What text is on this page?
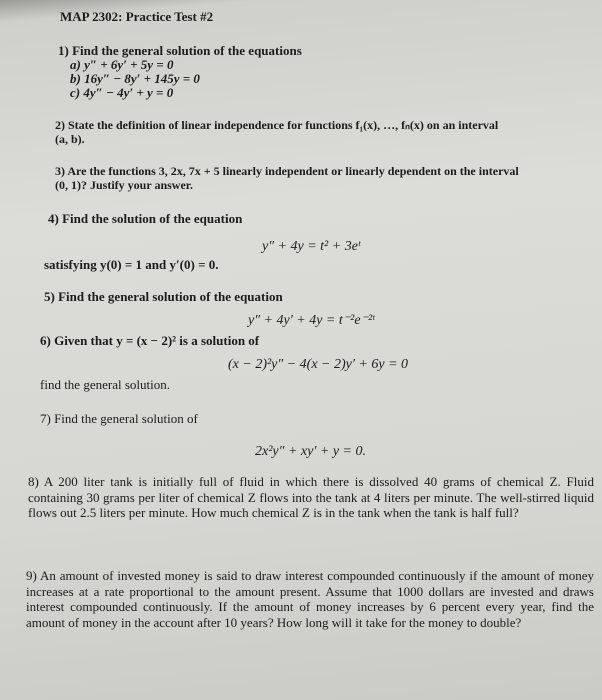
MAP 2302: Practice Test #2
1) Find the general solution of the equations
a) y″ + 6y′ + 5y = 0
b) 16y″ − 8y′ + 145y = 0
c) 4y″ − 4y′ + y = 0
2) State the definition of linear independence for functions f₁(x), …, fₙ(x) on an interval
(a, b).
3) Are the functions 3, 2x, 7x + 5 linearly independent or linearly dependent on the interval
(0, 1)? Justify your answer.
4) Find the solution of the equation
y″ + 4y = t² + 3eᵗ
satisfying y(0) = 1 and y′(0) = 0.
5) Find the general solution of the equation
y″ + 4y′ + 4y = t⁻²e⁻²ᵗ
6) Given that y = (x − 2)² is a solution of
(x − 2)²y″ − 4(x − 2)y′ + 6y = 0
find the general solution.
7) Find the general solution of
2x²y″ + xy′ + y = 0.
8) A 200 liter tank is initially full of fluid in which there is dissolved 40 grams of chemical Z. Fluid containing 30 grams per liter of chemical Z flows into the tank at 4 liters per minute. The well-stirred liquid flows out 2.5 liters per minute. How much chemical Z is in the tank when the tank is half full?
9) An amount of invested money is said to draw interest compounded continuously if the amount of money increases at a rate proportional to the amount present. Assume that 1000 dollars are invested and draws interest compounded continuously. If the amount of money increases by 6 percent every year, find the amount of money in the account after 10 years? How long will it take for the money to double?
